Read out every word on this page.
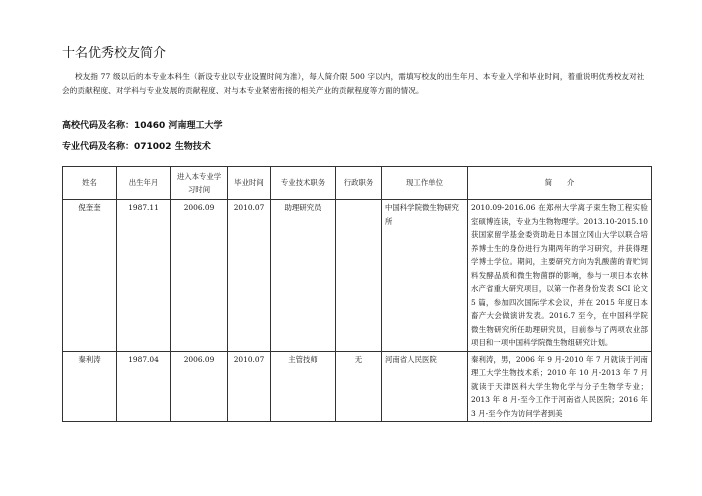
十名优秀校友简介
校友指 77 级以后的本专业本科生（新设专业以专业设置时间为准），每人简介限 500 字以内，需填写校友的出生年月、本专业入学和毕业时间，着重说明优秀校友对社会的贡献程度、对学科与专业发展的贡献程度、对与本专业紧密衔接的相关产业的贡献程度等方面的情况。
高校代码及名称：10460 河南理工大学
专业代码及名称：071002 生物技术
姓名	出生年月	进入本专业学习时间	毕业时间	专业技术职务	行政职务	现工作单位	简　　介
倪奎奎	1987.11	2006.09	2010.07	助理研究员		中国科学院微生物研究所	2010.09-2016.06 在郑州大学离子束生物工程实验室硕博连读，专业为生物物理学。2013.10-2015.10 获国家留学基金委资助赴日本国立冈山大学以联合培养博士生的身份进行为期两年的学习研究，并获得理学博士学位。期间，主要研究方向为乳酸菌的青贮饲料发酵品质和微生物菌群的影响，参与一项日本农林水产省重大研究项目，以第一作者身份发表 SCI 论文 5 篇，参加四次国际学术会议，并在 2015 年度日本畜产大会做演讲发表。2016.7 至今，在中国科学院微生物研究所任助理研究员，目前参与了两项农业部项目和一项中国科学院微生物组研究计划。
秦利涛	1987.04	2006.09	2010.07	主管技师	无	河南省人民医院	秦利涛，男，2006 年 9 月-2010 年 7 月就读于河南理工大学生物技术系；2010 年 10 月-2013 年 7 月就读于天津医科大学生物化学与分子生物学专业；2013 年 8 月-至今工作于河南省人民医院；2016 年 3 月-至今作为访问学者到美
